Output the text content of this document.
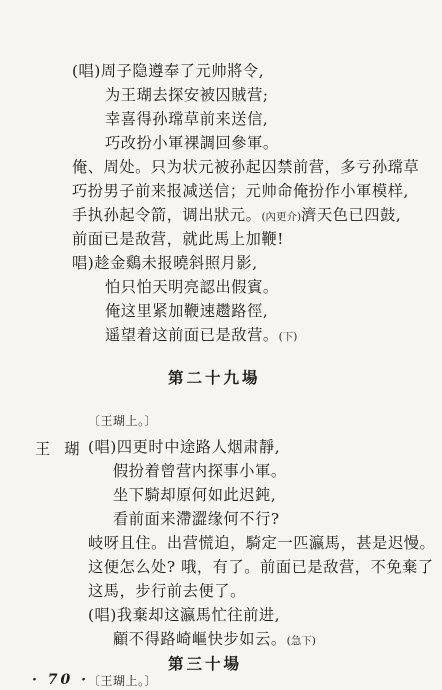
(唱)周子隐遵奉了元帅將令,
为王瑚去探安被囚賊营;
幸喜得孙瑺草前来送信,
巧改扮小軍裸調回參軍。
俺、周处。只为状元被孙起囚禁前营，多亏孙瑺草
巧扮男子前来报减送信；元帅命俺扮作小軍模样,
手执孙起令箭，调出狀元。(內更介)濟天色已四鼓,
前面已是敌营，就此馬上加鞭!
唱)趁金鷄未报曉斜照月影,
怕只怕天明亮認出假賓。
俺这里紧加鞭速趱路徑,
遥望着这前面已是敌营。(下)
第二十九場
〔王瑚上。〕
王瑚
(唱)四更时中途路人烟肃靜,
假扮着曾营内探事小軍。
坐下騎却原何如此迟鈍,
看前面来滯澀缘何不行?
岐呀且住。出营慌迫，騎定一匹瀛馬，甚是迟慢。
这便怎么处? 哦，有了。前面已是敌营，不免棄了
这馬，步行前去便了。
(唱)我棄却这瀛馬忙往前进,
顧不得路崎嶇快步如云。(急下)
第三十場
〔王瑚上。〕
· 70 ·
